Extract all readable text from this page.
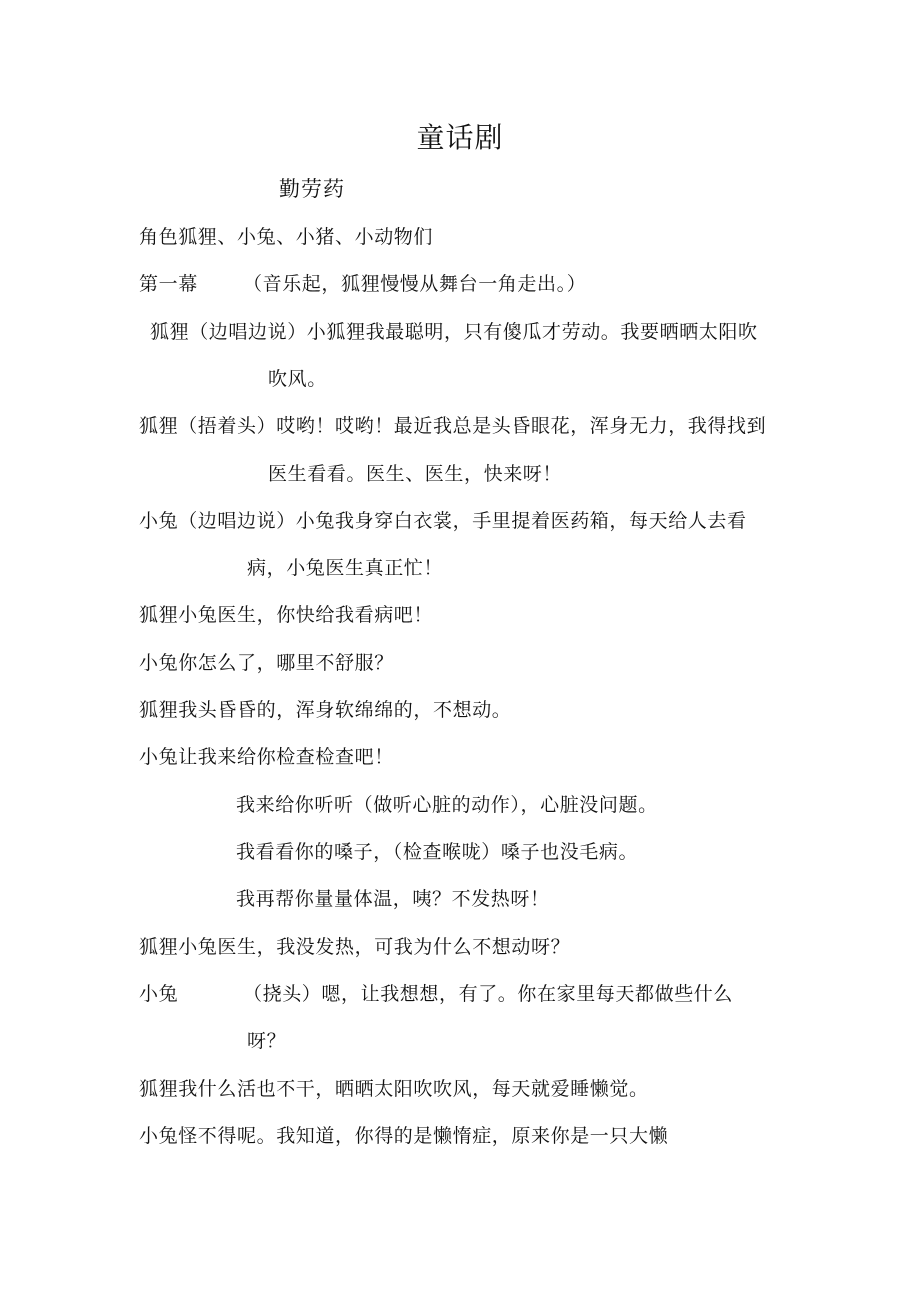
童话剧
勤劳药
角色狐狸、小兔、小猪、小动物们
第一幕 （音乐起，狐狸慢慢从舞台一角走出。）
狐狸（边唱边说）小狐狸我最聪明，只有傻瓜才劳动。我要晒晒太阳吹
吹风。
狐狸（捂着头）哎哟！哎哟！最近我总是头昏眼花，浑身无力，我得找到
医生看看。医生、医生，快来呀！
小兔（边唱边说）小兔我身穿白衣裳，手里提着医药箱，每天给人去看
病，小兔医生真正忙！
狐狸小兔医生，你快给我看病吧！
小兔你怎么了，哪里不舒服？
狐狸我头昏昏的，浑身软绵绵的，不想动。
小兔让我来给你检查检查吧！
我来给你听听（做听心脏的动作），心脏没问题。
我看看你的嗓子，（检查喉咙）嗓子也没毛病。
我再帮你量量体温，咦？不发热呀！
狐狸小兔医生，我没发热，可我为什么不想动呀？
小兔	（挠头）嗯，让我想想，有了。你在家里每天都做些什么
呀？
狐狸我什么活也不干，晒晒太阳吹吹风，每天就爱睡懒觉。
小兔怪不得呢。我知道，你得的是懒惰症，原来你是一只大懒
